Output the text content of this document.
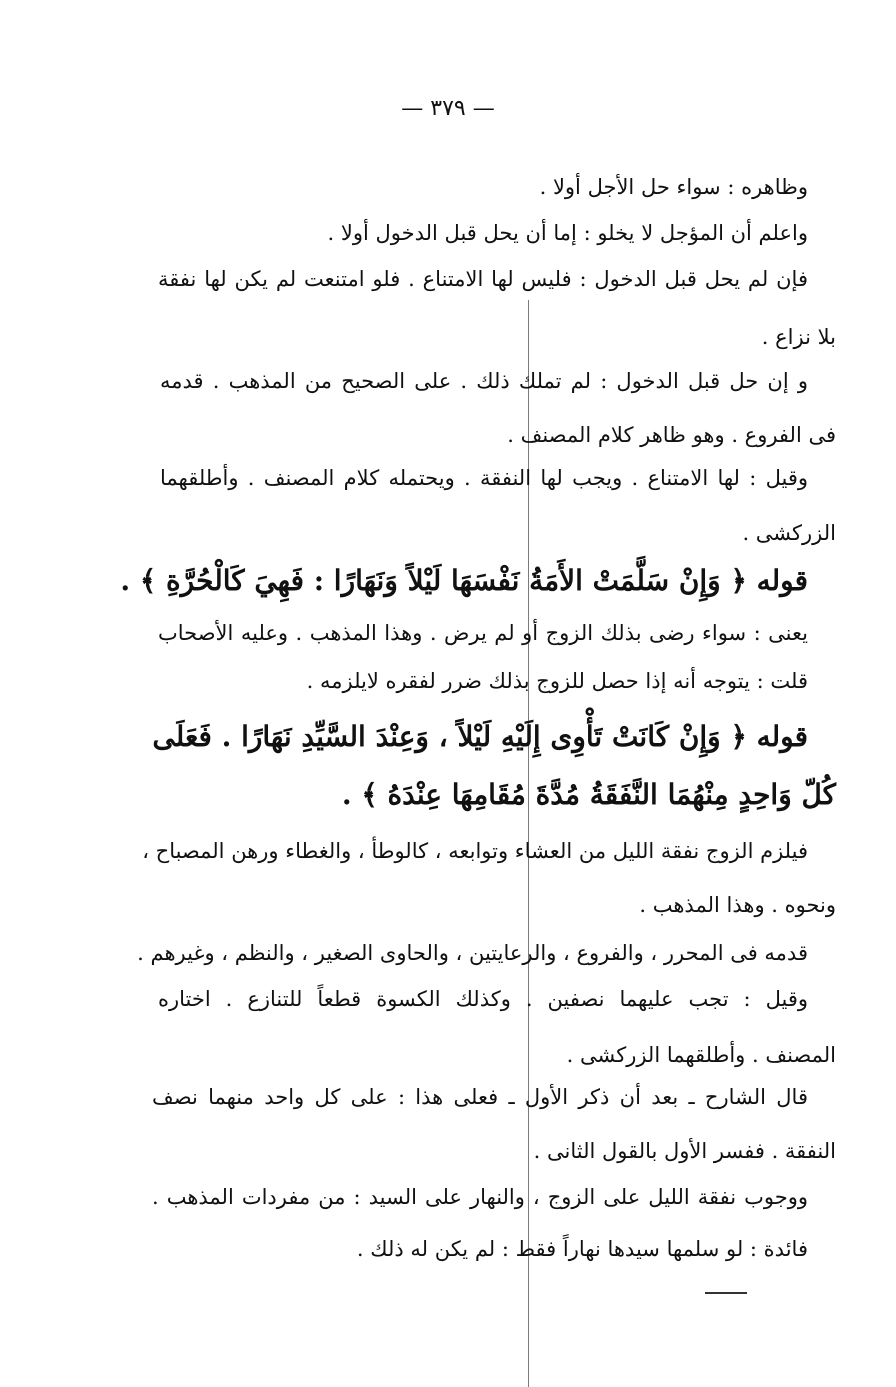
— ٣٧٩ —
وظاهره : سواء حل الأجل أولا .
واعلم أن المؤجل لا يخلو : إما أن يحل قبل الدخول أولا .
فإن لم يحل قبل الدخول : فليس لها الامتناع . فلو امتنعت لم يكن لها نفقة
بلا نزاع .
و إن حل قبل الدخول : لم تملك ذلك . على الصحيح من المذهب . قدمه
فى الفروع . وهو ظاهر كلام المصنف .
وقيل : لها الامتناع . ويجب لها النفقة . ويحتمله كلام المصنف . وأطلقهما
الزركشى .
قوله ﴿ وَإِنْ سَلَّمَتْ الأَمَةُ نَفْسَهَا لَيْلاً وَنَهَارًا : فَهِيَ كَالْحُرَّةِ ﴾ .
يعنى : سواء رضى بذلك الزوج أو لم يرض . وهذا المذهب . وعليه الأصحاب
قلت : يتوجه أنه إذا حصل للزوج بذلك ضرر لفقره لايلزمه .
قوله ﴿ وَإِنْ كَانَتْ تَأْوِى إِلَيْهِ لَيْلاً ، وَعِنْدَ السَّيِّدِ نَهَارًا . فَعَلَى
كُلّ وَاحِدٍ مِنْهُمَا النَّفَقَةُ مُدَّةَ مُقَامِهَا عِنْدَهُ ﴾ .
فيلزم الزوج نفقة الليل من العشاء وتوابعه ، كالوطأ ، والغطاء ورهن المصباح ،
ونحوه . وهذا المذهب .
قدمه فى المحرر ، والفروع ، والرعايتين ، والحاوى الصغير ، والنظم ، وغيرهم .
وقيل : تجب عليهما نصفين . وكذلك الكسوة قطعاً للتنازع . اختاره
المصنف . وأطلقهما الزركشى .
قال الشارح ـ بعد أن ذكر الأول ـ فعلى هذا : على كل واحد منهما نصف
النفقة . ففسر الأول بالقول الثانى .
ووجوب نفقة الليل على الزوج ، والنهار على السيد : من مفردات المذهب .
فائدة : لو سلمها سيدها نهاراً فقط : لم يكن له ذلك .
